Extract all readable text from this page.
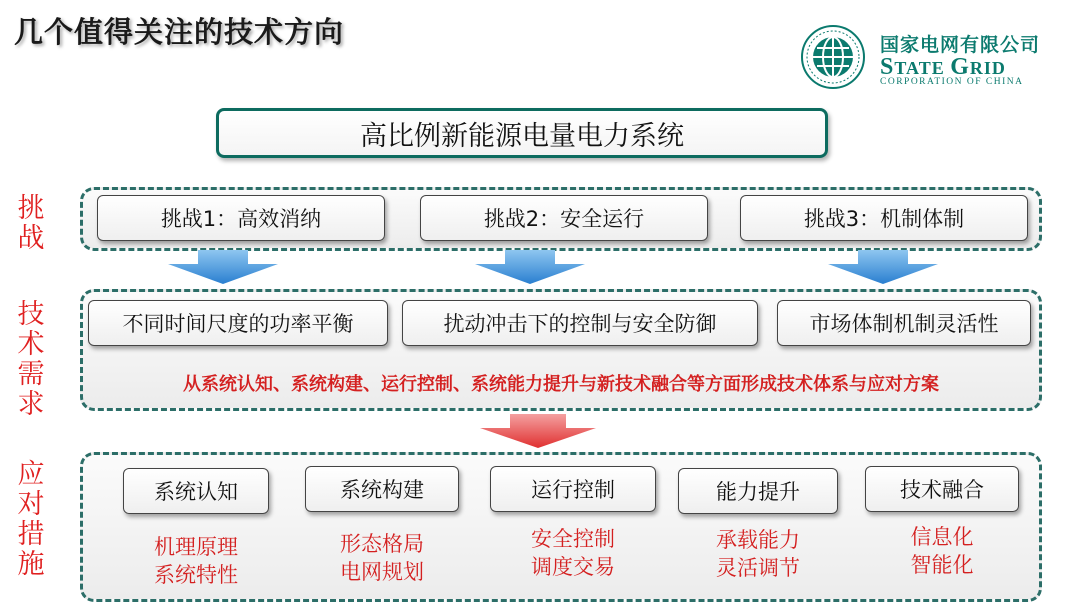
几个值得关注的技术方向	国家电网有限公司
STATE GRID
CORPORATION OF CHINA
高比例新能源电量电力系统
挑
战
技
术
需
求
应
对
措
施
挑战1：高效消纳	挑战2：安全运行	挑战3：机制体制
不同时间尺度的功率平衡	扰动冲击下的控制与安全防御	市场体制机制灵活性
从系统认知、系统构建、运行控制、系统能力提升与新技术融合等方面形成技术体系与应对方案
系统认知	系统构建	运行控制	能力提升	技术融合
机理原理
系统特性
形态格局
电网规划
安全控制
调度交易
承载能力
灵活调节
信息化
智能化
